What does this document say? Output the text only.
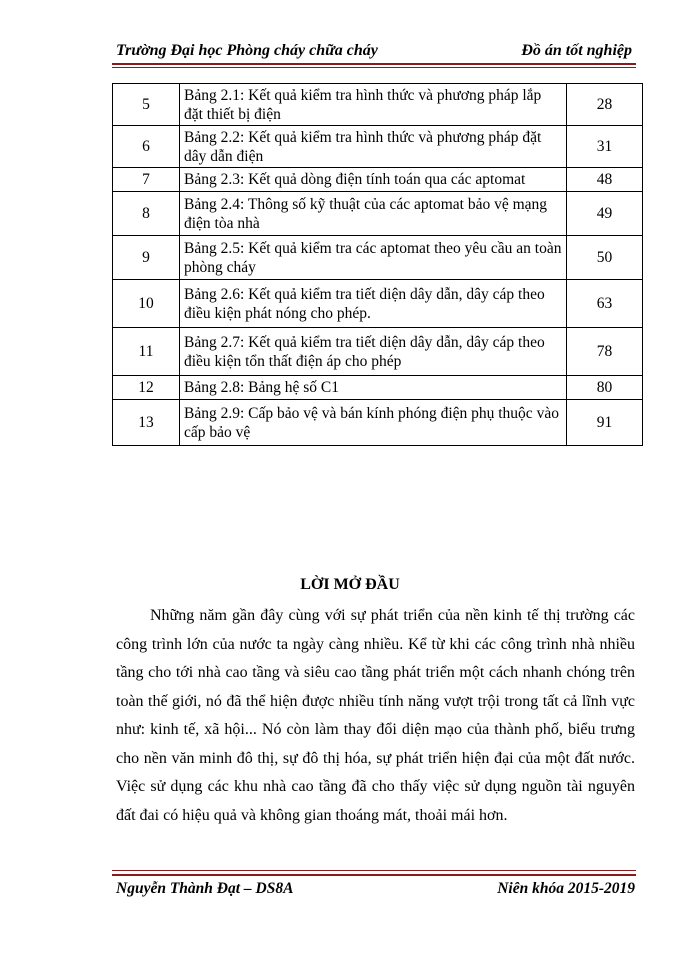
Trường Đại học Phòng cháy chữa cháy	Đồ án tốt nghiệp
5	Bảng 2.1: Kết quả kiểm tra hình thức và phương pháp lắp đặt thiết bị điện	28
6	Bảng 2.2: Kết quả kiểm tra hình thức và phương pháp đặt dây dẫn điện	31
7	Bảng 2.3: Kết quả dòng điện tính toán qua các aptomat	48
8	Bảng 2.4: Thông số kỹ thuật của các aptomat bảo vệ mạng điện tòa nhà	49
9	Bảng 2.5: Kết quả kiểm tra các aptomat theo yêu cầu an toàn phòng cháy	50
10	Bảng 2.6: Kết quả kiểm tra tiết diện dây dẫn, dây cáp theo điều kiện phát nóng cho phép.	63
11	Bảng 2.7: Kết quả kiểm tra tiết diện dây dẫn, dây cáp theo điều kiện tổn thất điện áp cho phép	78
12	Bảng 2.8: Bảng hệ số C1	80
13	Bảng 2.9: Cấp bảo vệ và bán kính phóng điện phụ thuộc vào cấp bảo vệ	91
LỜI MỞ ĐẦU

Những năm gần đây cùng với sự phát triển của nền kinh tế thị trường các công trình lớn của nước ta ngày càng nhiều. Kể từ khi các công trình nhà nhiều tầng cho tới nhà cao tầng và siêu cao tầng phát triển một cách nhanh chóng trên toàn thế giới, nó đã thể hiện được nhiều tính năng vượt trội trong tất cả lĩnh vực như: kinh tế, xã hội... Nó còn làm thay đổi diện mạo của thành phố, biểu trưng cho nền văn minh đô thị, sự đô thị hóa, sự phát triển hiện đại của một đất nước. Việc sử dụng các khu nhà cao tầng đã cho thấy việc sử dụng nguồn tài nguyên đất đai có hiệu quả và không gian thoáng mát, thoải mái hơn.

Nguyễn Thành Đạt – DS8A	Niên khóa 2015-2019
